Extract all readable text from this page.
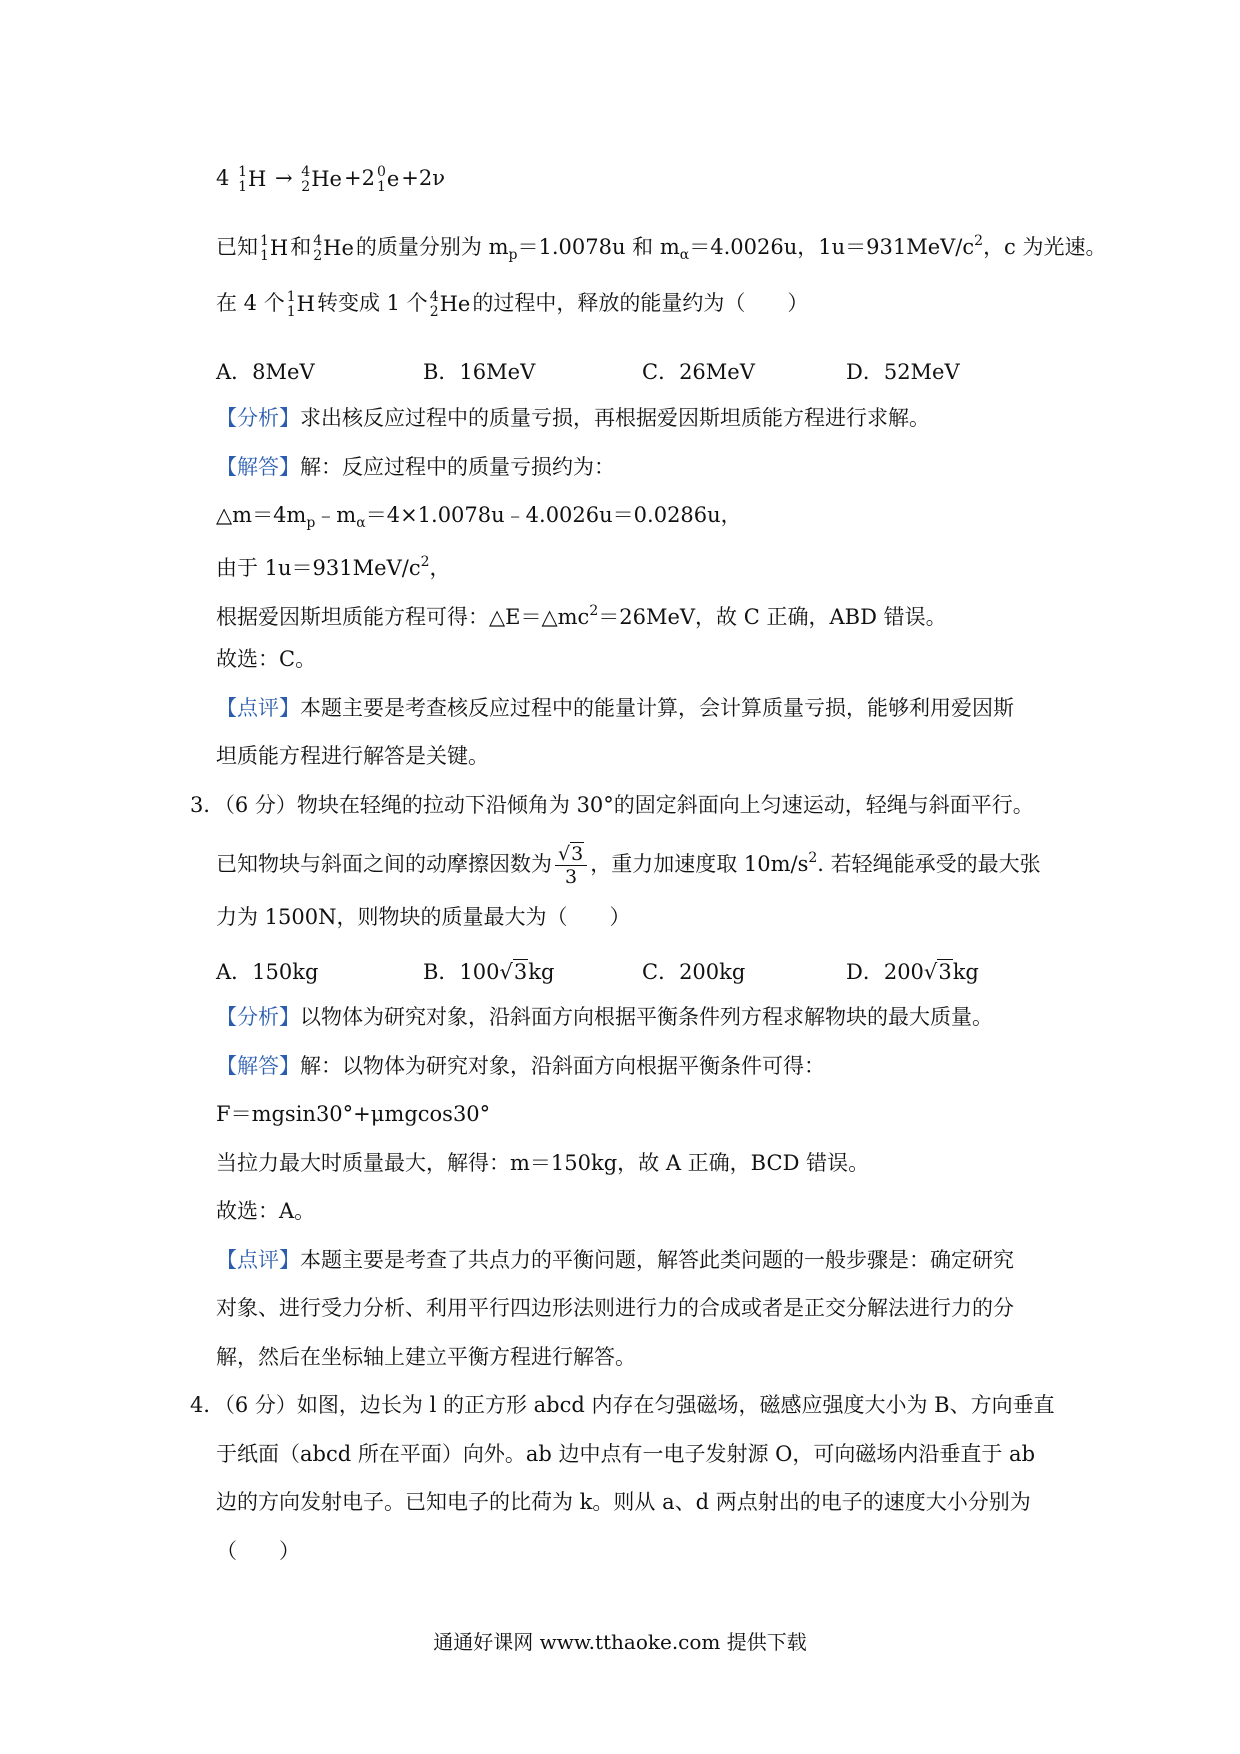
4 1
1 H → 4
2 He+2 0
1 e+2ν
已知 1
1 H和 4
2 He的质量分别为 $m_p=1.0078u$ 和 $m_\alpha=4.0026u$，$1u=931MeV/c^2$，c 为光速。
在 4 个 1
1 H转变成 1 个 4
2 He的过程中，释放的能量约为（　　）
A．8MeV	B．16MeV	C．26MeV	D．52MeV
【分析】求出核反应过程中的质量亏损，再根据爱因斯坦质能方程进行求解。
【解答】解：反应过程中的质量亏损约为：
$\triangle m=4m_p﹣m_\alpha=4\times 1.0078u﹣4.0026u=0.0286u$，
由于 $1u=931MeV/c^2$，
根据爱因斯坦质能方程可得：$\triangle E=\triangle mc^2=26MeV$，故 C 正确，ABD 错误。
故选：C。
【点评】本题主要是考查核反应过程中的能量计算，会计算质量亏损，能够利用爱因斯
坦质能方程进行解答是关键。
3．（6 分）物块在轻绳的拉动下沿倾角为 30°的固定斜面向上匀速运动，轻绳与斜面平行。
已知物块与斜面之间的动摩擦因数为 $\frac{√3}{3}$ ，重力加速度取 $10m/s^2$. 若轻绳能承受的最大张
力为 1500N，则物块的质量最大为（　　）
A．150kg	B．100√3kg	C．200kg	D．200√3kg
【分析】以物体为研究对象，沿斜面方向根据平衡条件列方程求解物块的最大质量。
【解答】解：以物体为研究对象，沿斜面方向根据平衡条件可得：
F＝mgsin30°+μmgcos30°
当拉力最大时质量最大，解得：m＝150kg，故 A 正确，BCD 错误。
故选：A。
【点评】本题主要是考查了共点力的平衡问题，解答此类问题的一般步骤是：确定研究
对象、进行受力分析、利用平行四边形法则进行力的合成或者是正交分解法进行力的分
解，然后在坐标轴上建立平衡方程进行解答。
4．（6 分）如图，边长为 l 的正方形 abcd 内存在匀强磁场，磁感应强度大小为 B、方向垂直
于纸面（abcd 所在平面）向外。ab 边中点有一电子发射源 O，可向磁场内沿垂直于 ab
边的方向发射电子。已知电子的比荷为 k。则从 a、d 两点射出的电子的速度大小分别为
（　　）
通通好课网 www.tthaoke.com 提供下载
